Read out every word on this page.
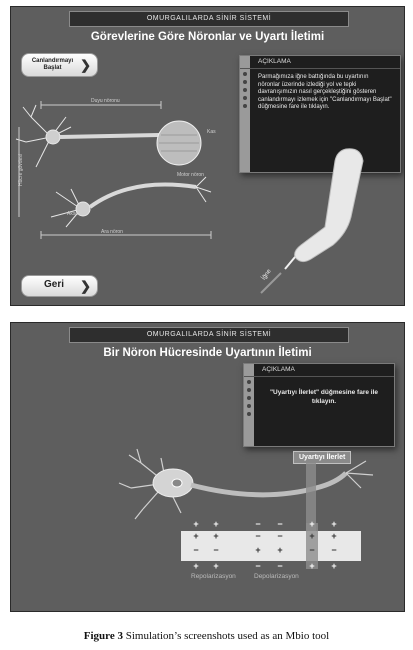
OMURGALILARDA SİNİR SİSTEMİ
Görevlerine Göre Nöronlar ve Uyartı İletimi
Canlandırmayı Başlat	❯	AÇIKLAMA
Parmağımıza iğne battığında bu uyartının nöronlar üzerinde izlediği yol ve tepki davranışımızın nasıl gerçekleştiğini gösteren canlandırmayı izlemek için "Canlandırmayı Başlat" düğmesine fare ile tıklayın.
Duyu nöronu
Kas
Motor nöron
Akson
Ara nöron
Hücre gövdesi
İğne
Geri ❯
OMURGALILARDA SİNİR SİSTEMİ
Bir Nöron Hücresinde Uyartının İletimi
AÇIKLAMA
"Uyartıyı İlerlet" düğmesine fare ile tıklayın.
Uyartıyı İlerlet
Repolarizasyon	Depolarizasyon
+ +	− −	+ +
+ +	− −	+ +
− −	+ +	− −
+ +	− −	+ +
Figure 3 Simulation’s screenshots used as an Mbio tool
